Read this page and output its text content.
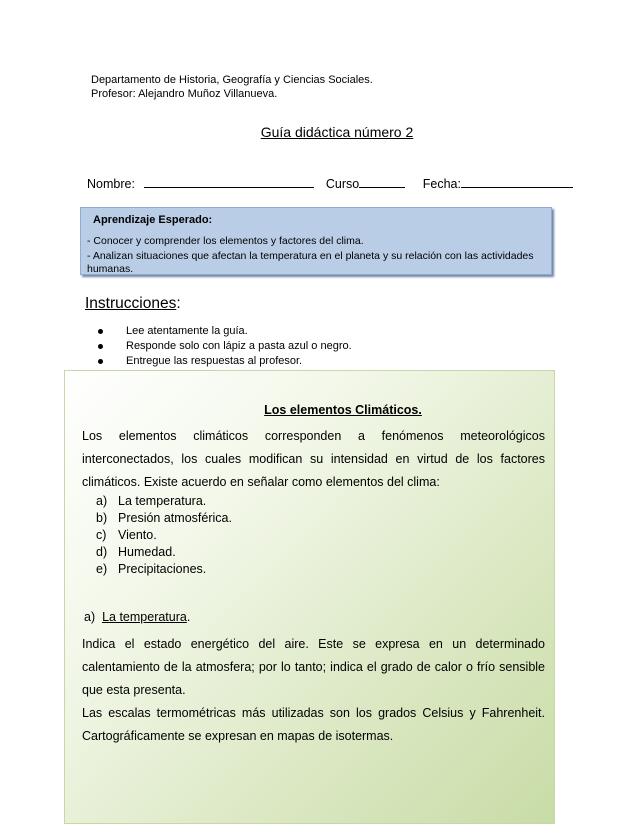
Departamento de Historia, Geografía y Ciencias Sociales.
Profesor: Alejandro Muñoz Villanueva.
Guía didáctica número 2
Nombre:	Curso	Fecha:
Aprendizaje Esperado:
- Conocer y comprender los elementos y factores del clima.
- Analizan situaciones que afectan la temperatura en el planeta y su relación con las actividades humanas.
Instrucciones:
Lee atentamente la guía.
Responde solo con lápiz a pasta azul o negro.
Entregue las respuestas al profesor.
Los elementos Climáticos.
Los elementos climáticos corresponden a fenómenos meteorológicos interconectados, los cuales modifican su intensidad en virtud de los factores climáticos. Existe acuerdo en señalar como elementos del clima:
a) La temperatura.
b) Presión atmosférica.
c) Viento.
d) Humedad.
e) Precipitaciones.
a) La temperatura.
Indica el estado energético del aire. Este se expresa en un determinado calentamiento de la atmosfera; por lo tanto; indica el grado de calor o frío sensible que esta presenta.
Las escalas termométricas más utilizadas son los grados Celsius y Fahrenheit. Cartográficamente se expresan en mapas de isotermas.
